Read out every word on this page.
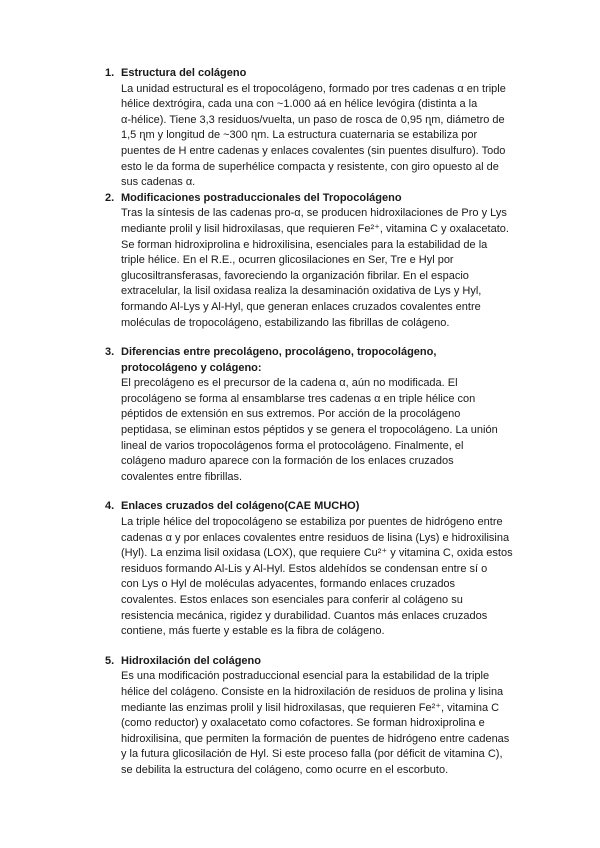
1. Estructura del colágeno

La unidad estructural es el tropocolágeno, formado por tres cadenas α en triple

hélice dextrógira, cada una con ~1.000 aá en hélice levógira (distinta a la

α-hélice). Tiene 3,3 residuos/vuelta, un paso de rosca de 0,95 ɳm, diámetro de

1,5 ɳm y longitud de ~300 ɳm. La estructura cuaternaria se estabiliza por

puentes de H entre cadenas y enlaces covalentes (sin puentes disulfuro). Todo

esto le da forma de superhélice compacta y resistente, con giro opuesto al de

sus cadenas α.

2. Modificaciones postraduccionales del Tropocolágeno

Tras la síntesis de las cadenas pro-α, se producen hidroxilaciones de Pro y Lys

mediante prolil y lisil hidroxilasas, que requieren Fe²⁺, vitamina C y oxalacetato.

Se forman hidroxiprolina e hidroxilisina, esenciales para la estabilidad de la

triple hélice. En el R.E., ocurren glicosilaciones en Ser, Tre e Hyl por

glucosiltransferasas, favoreciendo la organización fibrilar. En el espacio

extracelular, la lisil oxidasa realiza la desaminación oxidativa de Lys y Hyl,

formando Al-Lys y Al-Hyl, que generan enlaces cruzados covalentes entre

moléculas de tropocolágeno, estabilizando las fibrillas de colágeno.

3. Diferencias entre precolágeno, procolágeno, tropocolágeno,
protocolágeno y colágeno:

El precolágeno es el precursor de la cadena α, aún no modificada. El

procolágeno se forma al ensamblarse tres cadenas α en triple hélice con

péptidos de extensión en sus extremos. Por acción de la procolágeno

peptidasa, se eliminan estos péptidos y se genera el tropocolágeno. La unión

lineal de varios tropocolágenos forma el protocolágeno. Finalmente, el

colágeno maduro aparece con la formación de los enlaces cruzados

covalentes entre fibrillas.

4. Enlaces cruzados del colágeno(CAE MUCHO)

La triple hélice del tropocolágeno se estabiliza por puentes de hidrógeno entre

cadenas α y por enlaces covalentes entre residuos de lisina (Lys) e hidroxilisina

(Hyl). La enzima lisil oxidasa (LOX), que requiere Cu²⁺ y vitamina C, oxida estos

residuos formando Al-Lis y Al-Hyl. Estos aldehídos se condensan entre sí o

con Lys o Hyl de moléculas adyacentes, formando enlaces cruzados

covalentes. Estos enlaces son esenciales para conferir al colágeno su

resistencia mecánica, rigidez y durabilidad. Cuantos más enlaces cruzados

contiene, más fuerte y estable es la fibra de colágeno.

5. Hidroxilación del colágeno

Es una modificación postraduccional esencial para la estabilidad de la triple

hélice del colágeno. Consiste en la hidroxilación de residuos de prolina y lisina

mediante las enzimas prolil y lisil hidroxilasas, que requieren Fe²⁺, vitamina C

(como reductor) y oxalacetato como cofactores. Se forman hidroxiprolina e

hidroxilisina, que permiten la formación de puentes de hidrógeno entre cadenas

y la futura glicosilación de Hyl. Si este proceso falla (por déficit de vitamina C),

se debilita la estructura del colágeno, como ocurre en el escorbuto.
